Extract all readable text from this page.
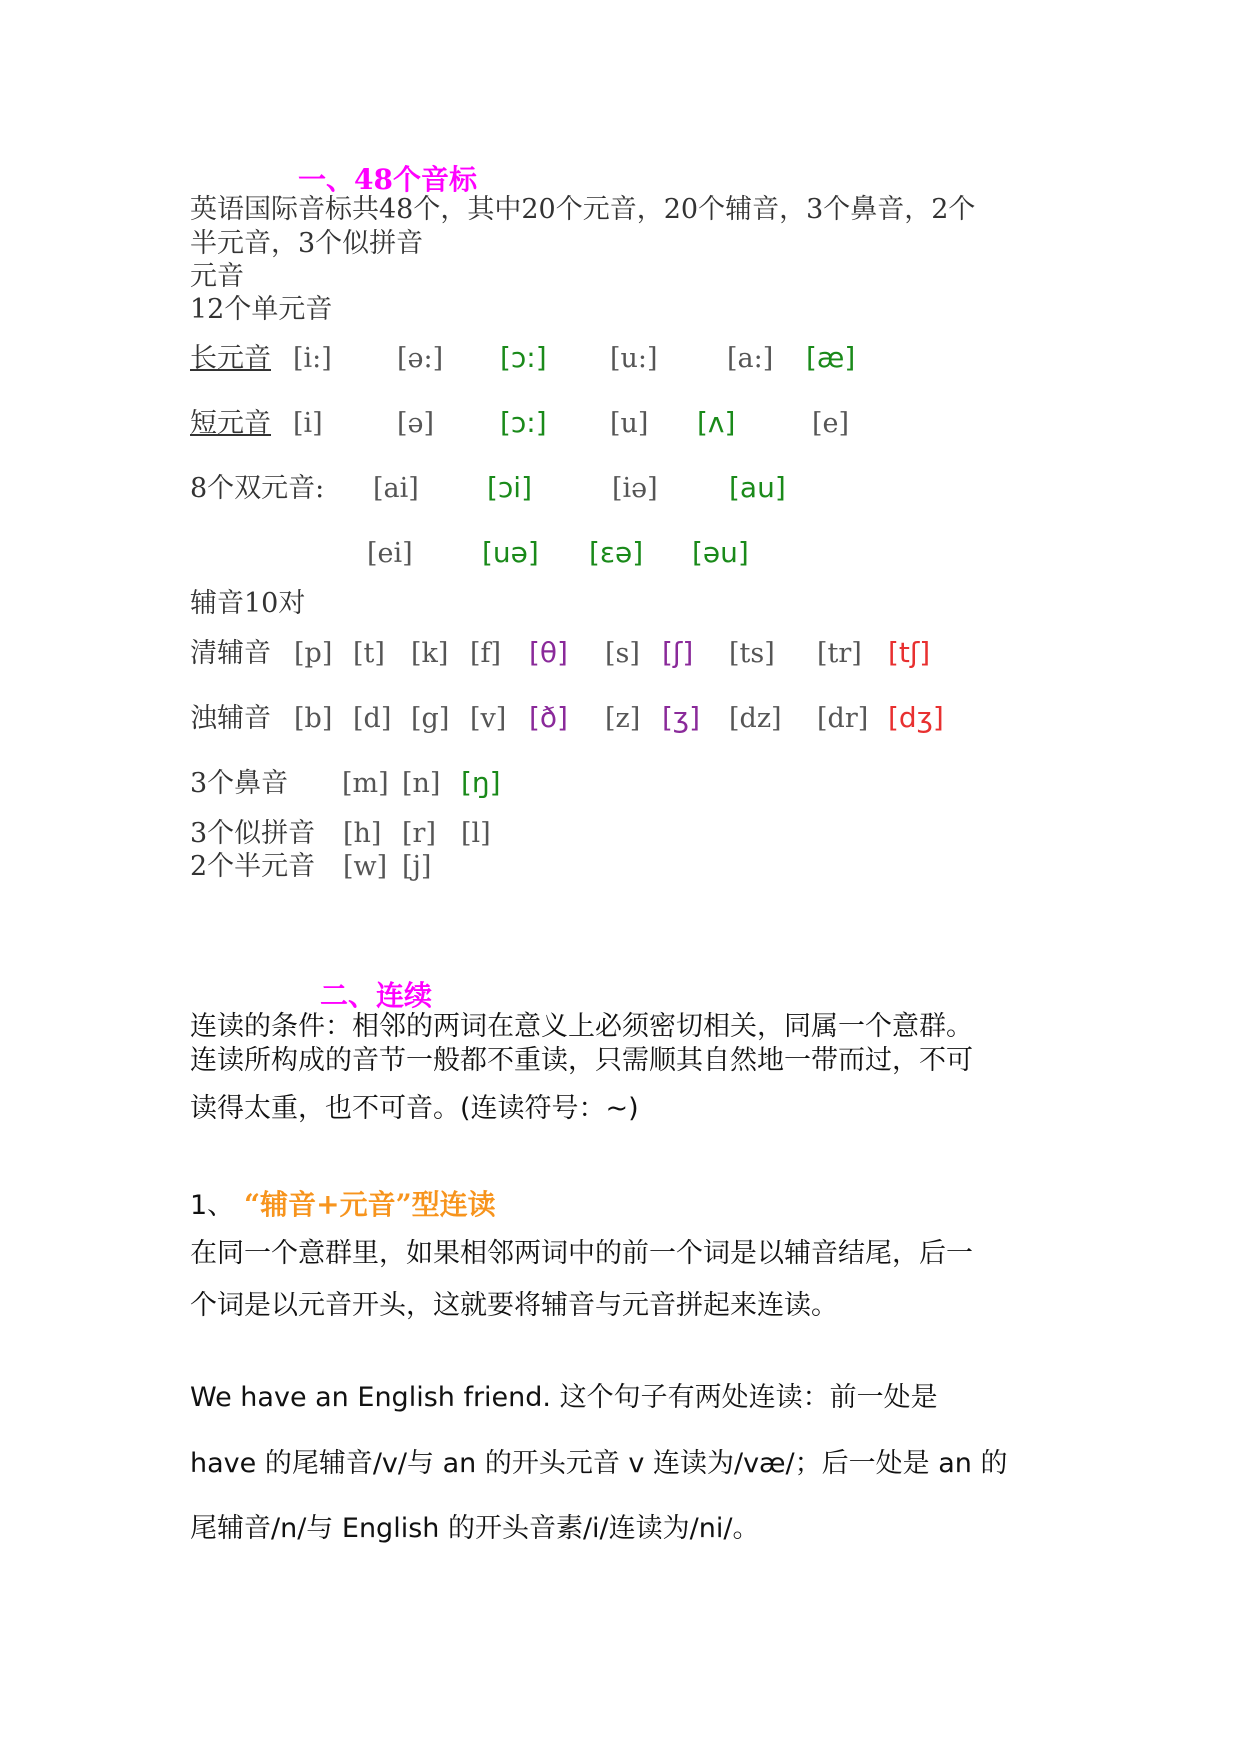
一、48个音标
英语国际音标共48个，其中20个元音，20个辅音，3个鼻音，2个
半元音，3个似拼音
元音
12个单元音
长元音 [i:] [ə:] [ɔ:] [u:]	[a:] [æ]
短元音 [i]	[ə] [ɔ:] [u] [ʌ]	[e]
8个双元音: [ai] [ɔi]	[iə]	[au]
[ei] [uə] [ɛə] [əu]
辅音10对
清辅音 [p] [t] [k] [f] [θ] [s] [ʃ] [ts] [tr] [tʃ]
浊辅音 [b] [d] [g] [v] [ð] [z] [ʒ] [dz] [dr] [dʒ]
3个鼻音 [m] [n] [ŋ]
3个似拼音 [h] [r] [l]
2个半元音 [w] [j]
二、连续
连读的条件：相邻的两词在意义上必须密切相关，同属一个意群。
连读所构成的音节一般都不重读，只需顺其自然地一带而过，不可
读得太重，也不可音。(连读符号：~)
1、 “辅音+元音”型连读
在同一个意群里，如果相邻两词中的前一个词是以辅音结尾，后一
个词是以元音开头，这就要将辅音与元音拼起来连读。
We have an English friend. 这个句子有两处连读：前一处是
have 的尾辅音/v/与 an 的开头元音 v 连读为/væ/；后一处是 an 的
尾辅音/n/与 English 的开头音素/i/连读为/ni/。
